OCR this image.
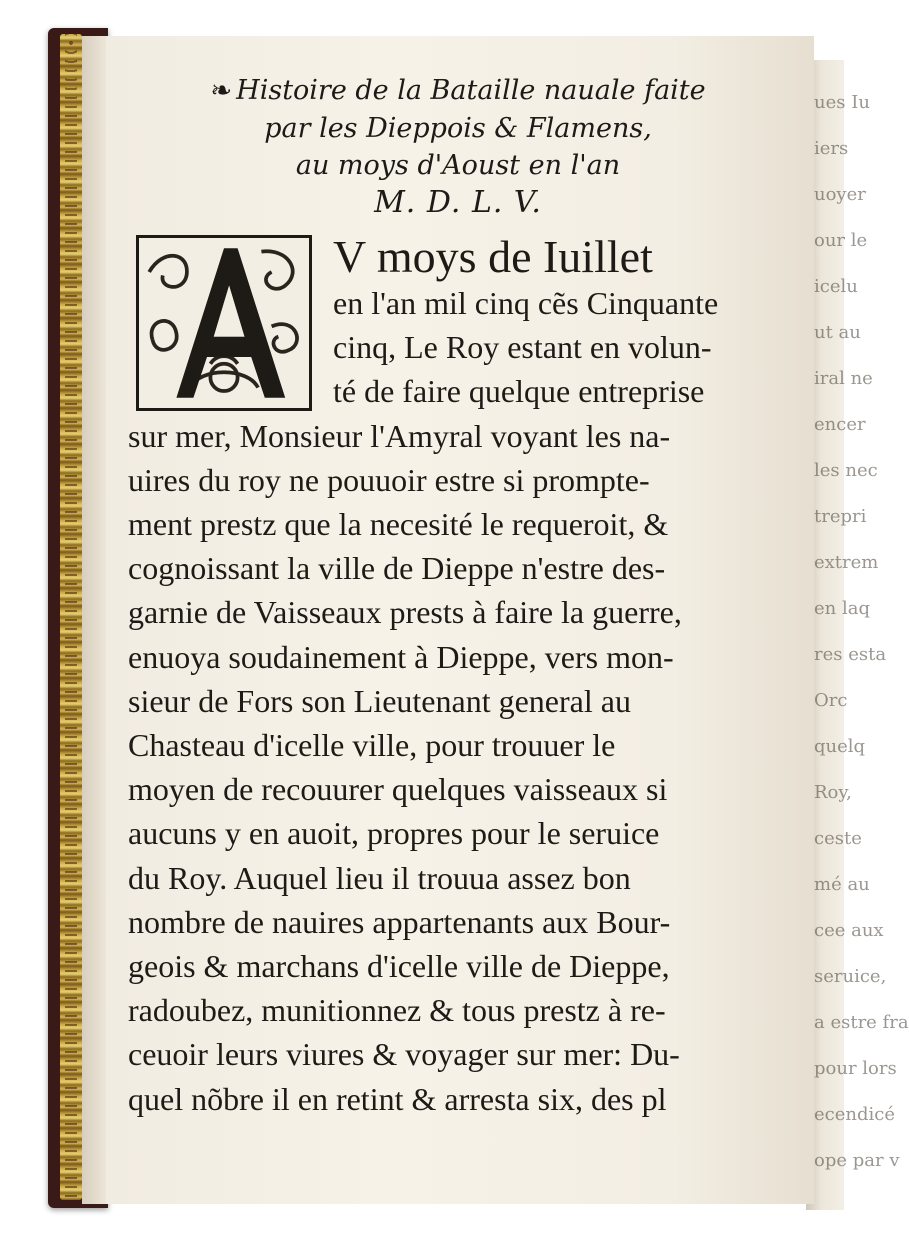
ues Iu
iers
uoyer
our le
icelu
ut au
iral ne
encer
les nec
trepri
extrem
en laq
res esta
Orc
quelq
Roy,
ceste
mé au
cee aux
seruice,
a estre fra
pour lors
ecendicé
ope par v
❧ Histoire de la Bataille nauale faite
par les Dieppois & Flamens,
au moys d'Aoust en l'an
M. D. L. V.
V moys de Iuillet
en l'an mil cinq cẽs Cinquante
cinq, Le Roy estant en volun-
té de faire quelque entreprise
sur mer, Monsieur l'Amyral voyant les na-
uires du roy ne pouuoir estre si prompte-
ment prestz que la necesité le requeroit, &
cognoissant la ville de Dieppe n'estre des-
garnie de Vaisseaux prests à faire la guerre,
enuoya soudainement à Dieppe, vers mon-
sieur de Fors son Lieutenant general au
Chasteau d'icelle ville, pour trouuer le
moyen de recouurer quelques vaisseaux si
aucuns y en auoit, propres pour le seruice
du Roy. Auquel lieu il trouua assez bon
nombre de nauires appartenants aux Bour-
geois & marchans d'icelle ville de Dieppe,
radoubez, munitionnez & tous prestz à re-
ceuoir leurs viures & voyager sur mer: Du-
quel nõbre il en retint & arresta six, des pl
